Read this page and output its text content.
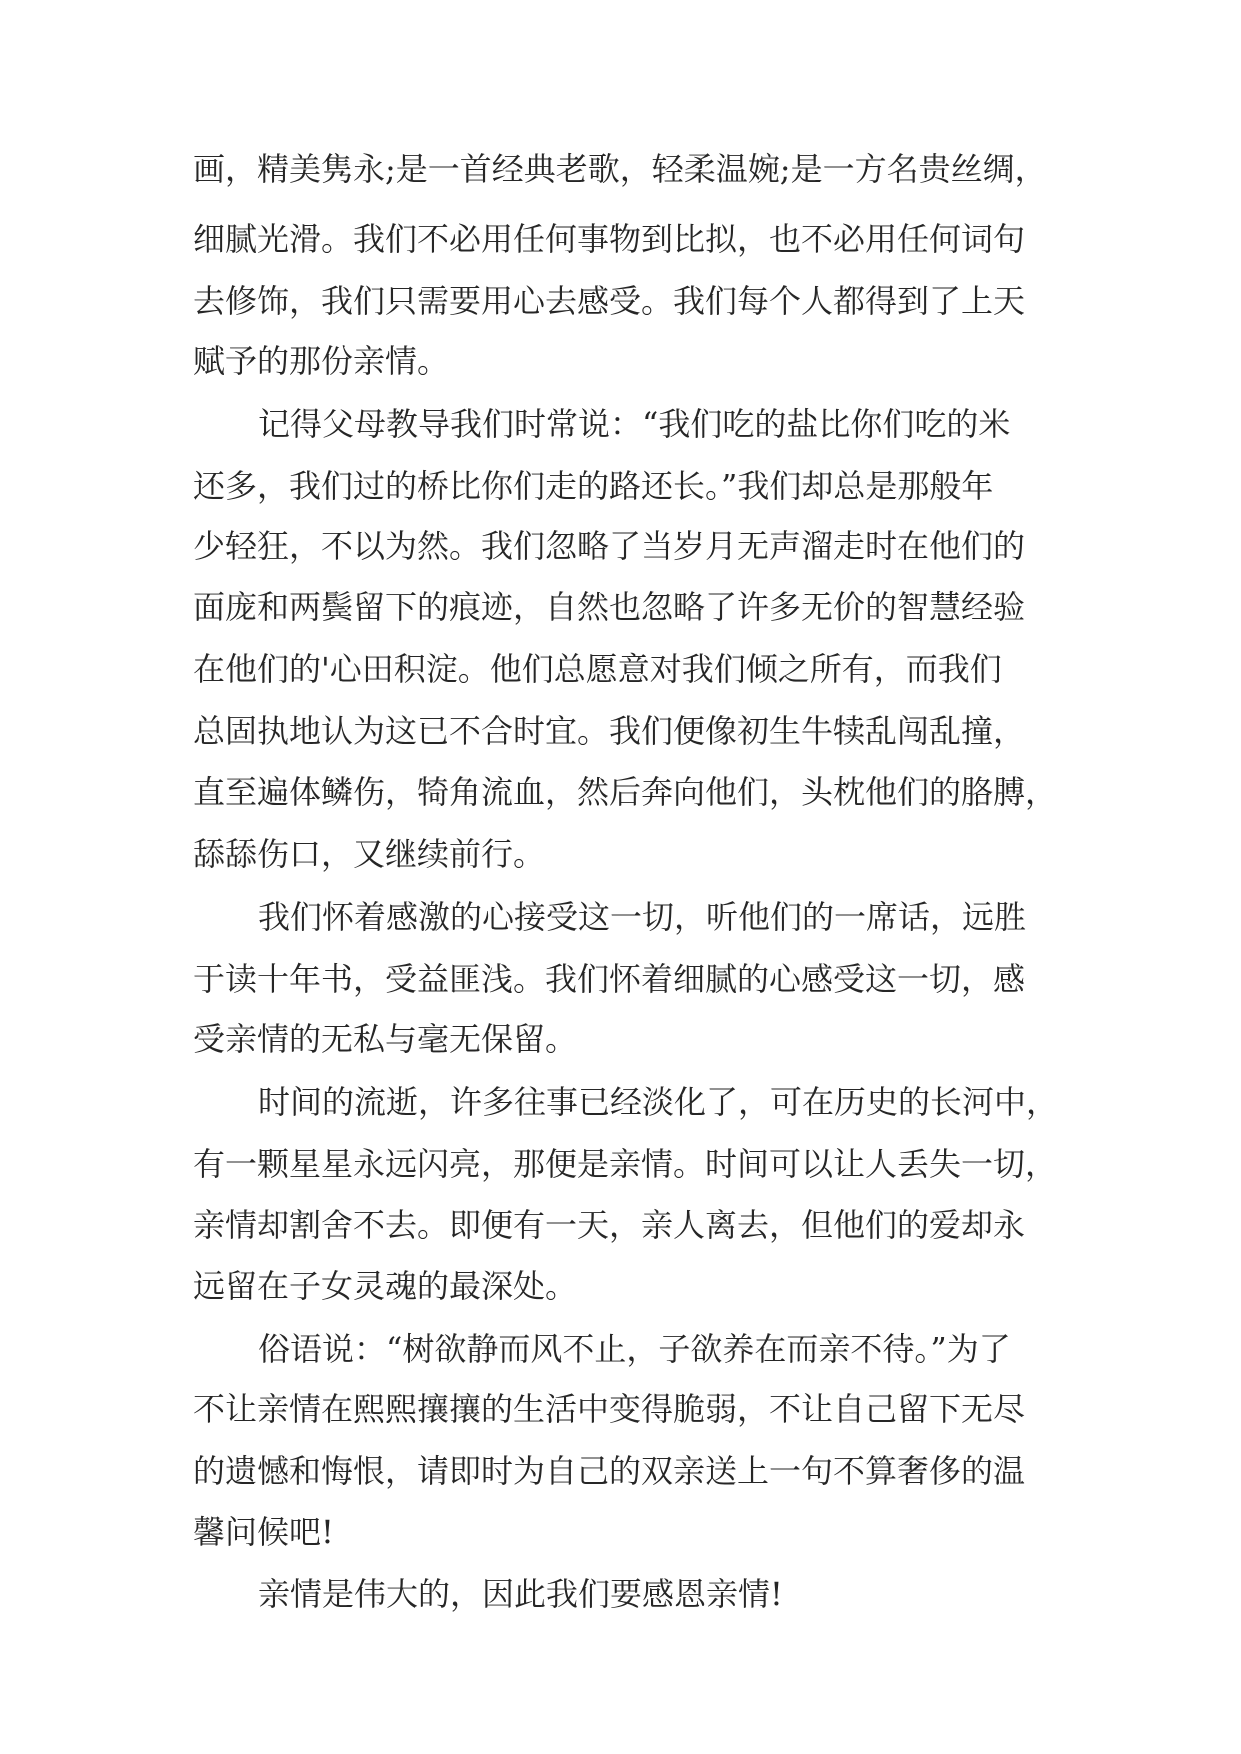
画，精美隽永;是一首经典老歌，轻柔温婉;是一方名贵丝绸，
细腻光滑。我们不必用任何事物到比拟，也不必用任何词句
去修饰，我们只需要用心去感受。我们每个人都得到了上天
赋予的那份亲情。
记得父母教导我们时常说：“我们吃的盐比你们吃的米
还多，我们过的桥比你们走的路还长。”我们却总是那般年
少轻狂，不以为然。我们忽略了当岁月无声溜走时在他们的
面庞和两鬓留下的痕迹，自然也忽略了许多无价的智慧经验
在他们的'心田积淀。他们总愿意对我们倾之所有，而我们
总固执地认为这已不合时宜。我们便像初生牛犊乱闯乱撞，
直至遍体鳞伤，犄角流血，然后奔向他们，头枕他们的胳膊，
舔舔伤口，又继续前行。
我们怀着感激的心接受这一切，听他们的一席话，远胜
于读十年书，受益匪浅。我们怀着细腻的心感受这一切，感
受亲情的无私与毫无保留。
时间的流逝，许多往事已经淡化了，可在历史的长河中，
有一颗星星永远闪亮，那便是亲情。时间可以让人丢失一切，
亲情却割舍不去。即便有一天，亲人离去，但他们的爱却永
远留在子女灵魂的最深处。
俗语说：“树欲静而风不止，子欲养在而亲不待。”为了
不让亲情在熙熙攘攘的生活中变得脆弱，不让自己留下无尽
的遗憾和悔恨，请即时为自己的双亲送上一句不算奢侈的温
馨问候吧!
亲情是伟大的，因此我们要感恩亲情!
